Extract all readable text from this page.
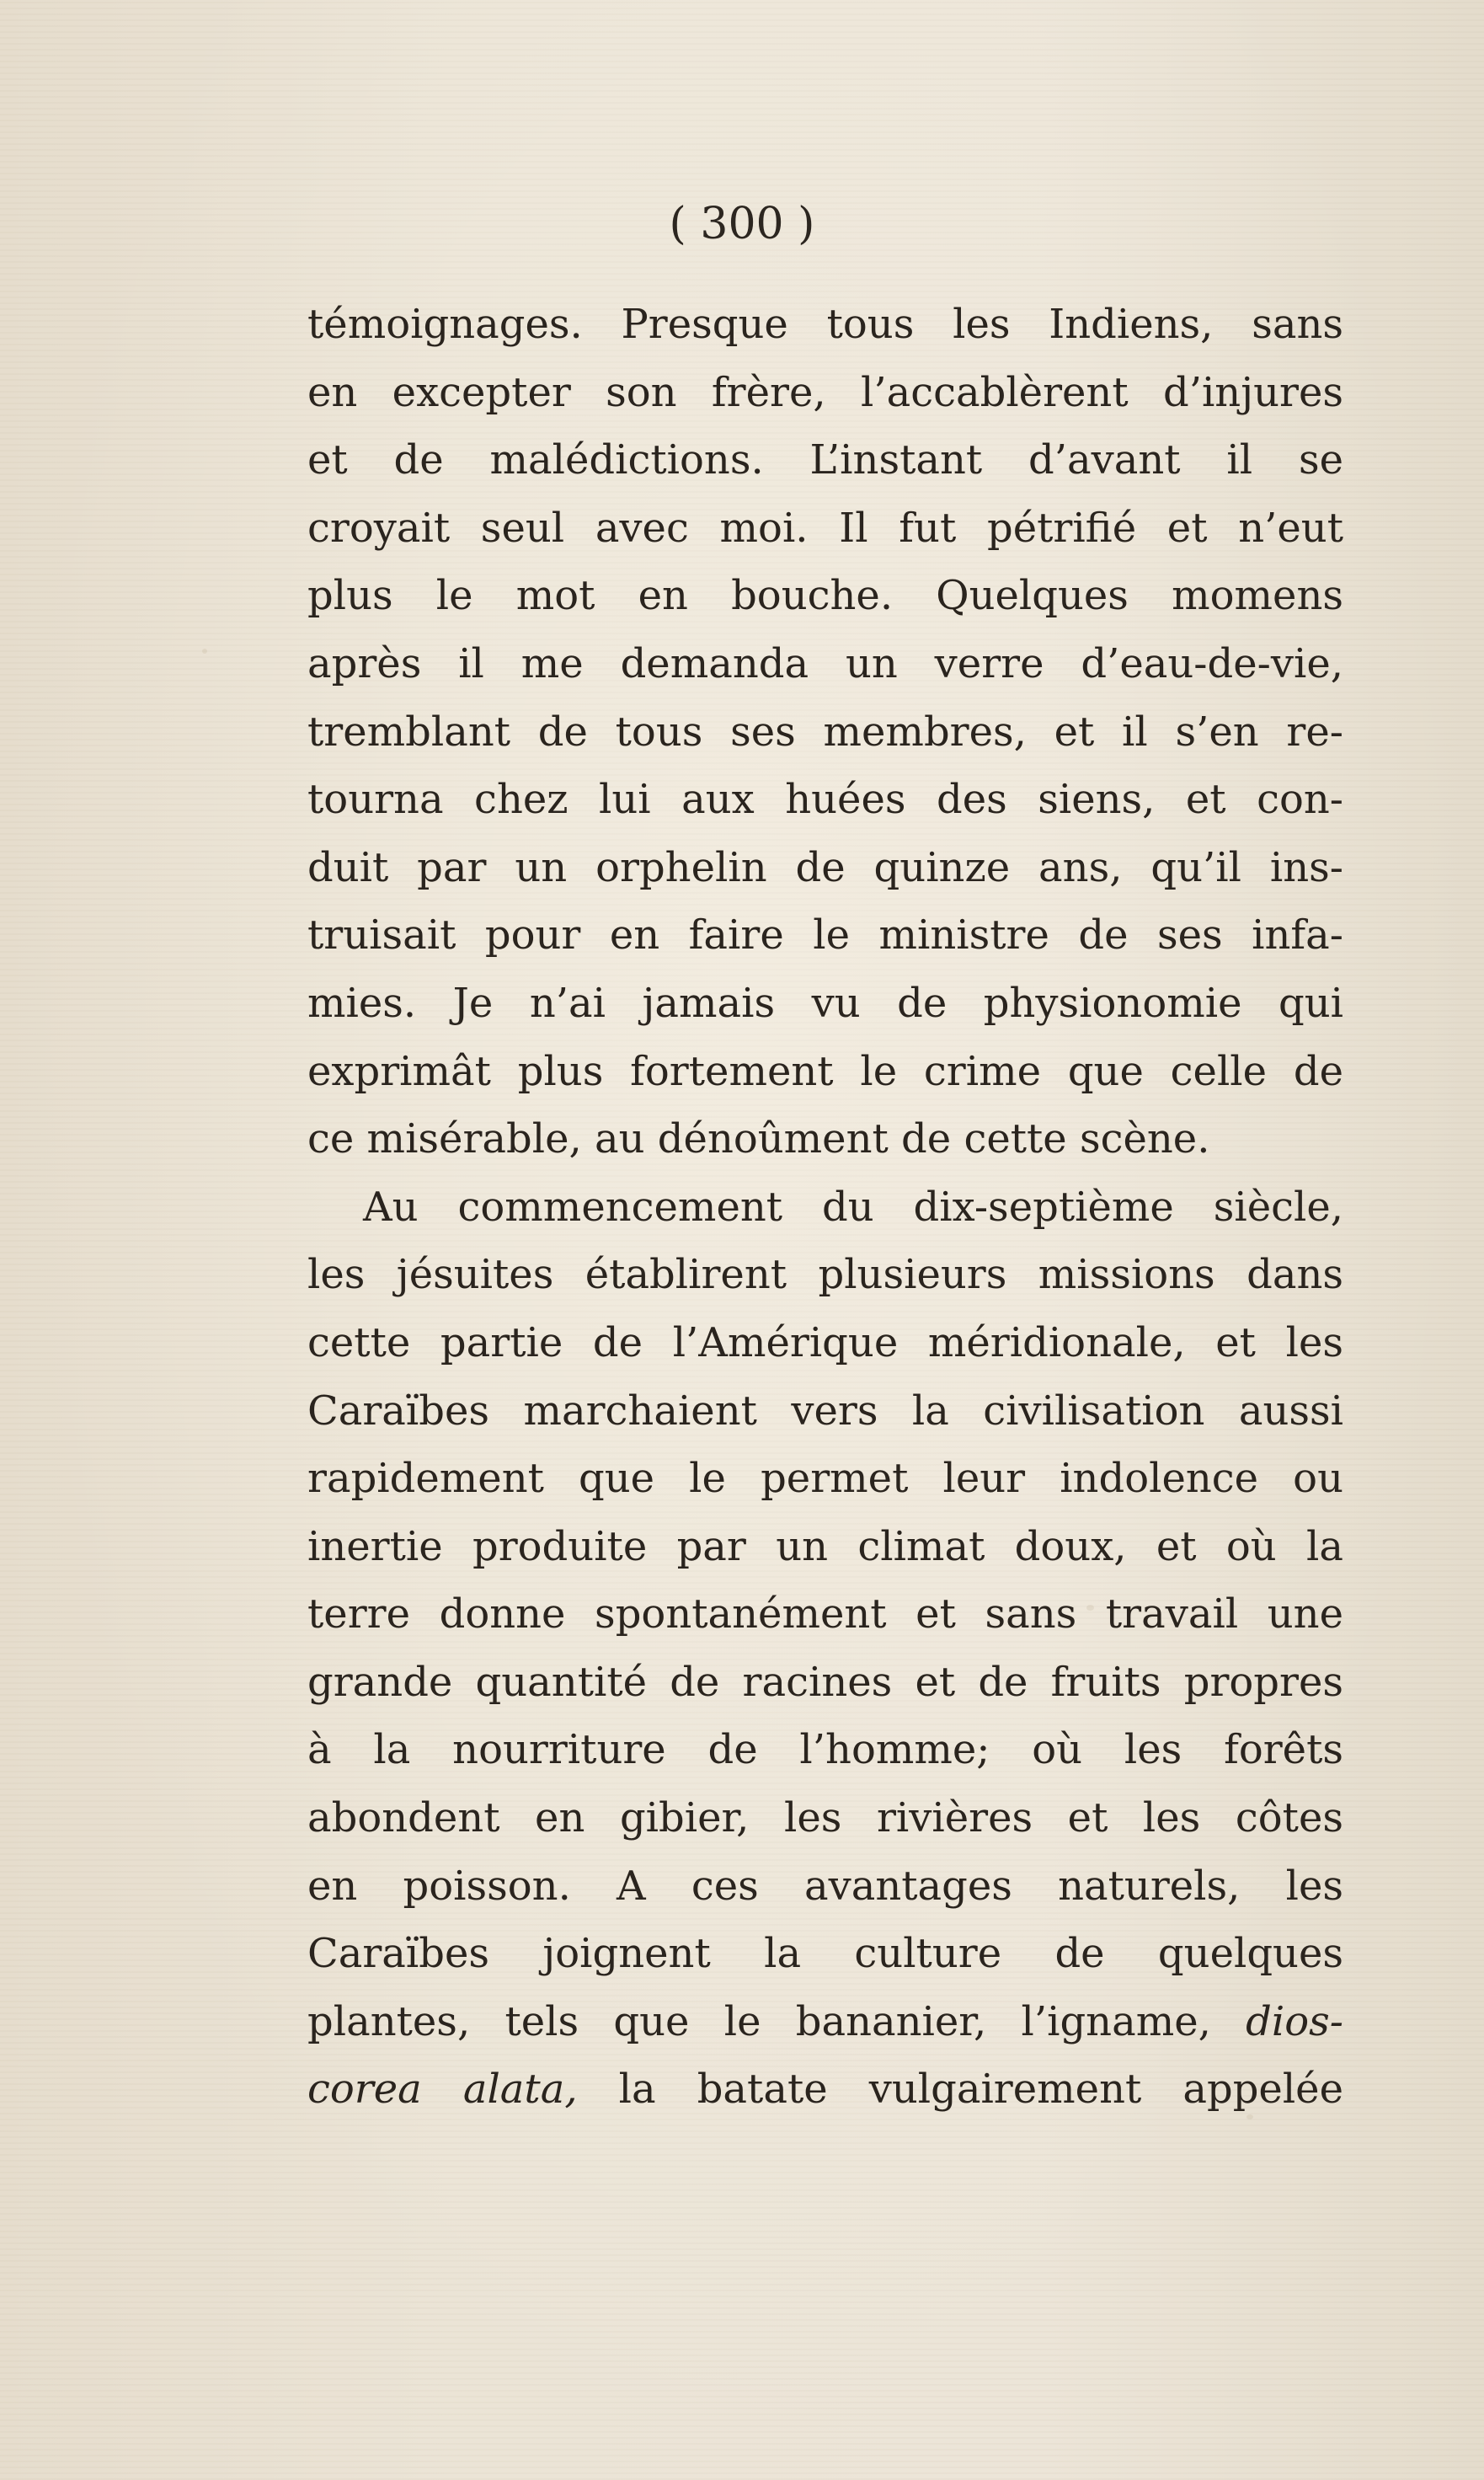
( 300 )
témoignages. Presque tous les Indiens, sans
en excepter son frère, l’accablèrent d’injures
et de malédictions. L’instant d’avant il se
croyait seul avec moi. Il fut pétrifié et n’eut
plus le mot en bouche. Quelques momens
après il me demanda un verre d’eau-de-vie,
tremblant de tous ses membres, et il s’en re-
tourna chez lui aux huées des siens, et con-
duit par un orphelin de quinze ans, qu’il ins-
truisait pour en faire le ministre de ses infa-
mies. Je n’ai jamais vu de physionomie qui
exprimât plus fortement le crime que celle de
ce misérable, au dénoûment de cette scène.
Au commencement du dix-septième siècle,
les jésuites établirent plusieurs missions dans
cette partie de l’Amérique méridionale, et les
Caraïbes marchaient vers la civilisation aussi
rapidement que le permet leur indolence ou
inertie produite par un climat doux, et où la
terre donne spontanément et sans travail une
grande quantité de racines et de fruits propres
à la nourriture de l’homme; où les forêts
abondent en gibier, les rivières et les côtes
en poisson. A ces avantages naturels, les
Caraïbes joignent la culture de quelques
plantes, tels que le bananier, l’igname, dios-
corea alata, la batate vulgairement appelée
